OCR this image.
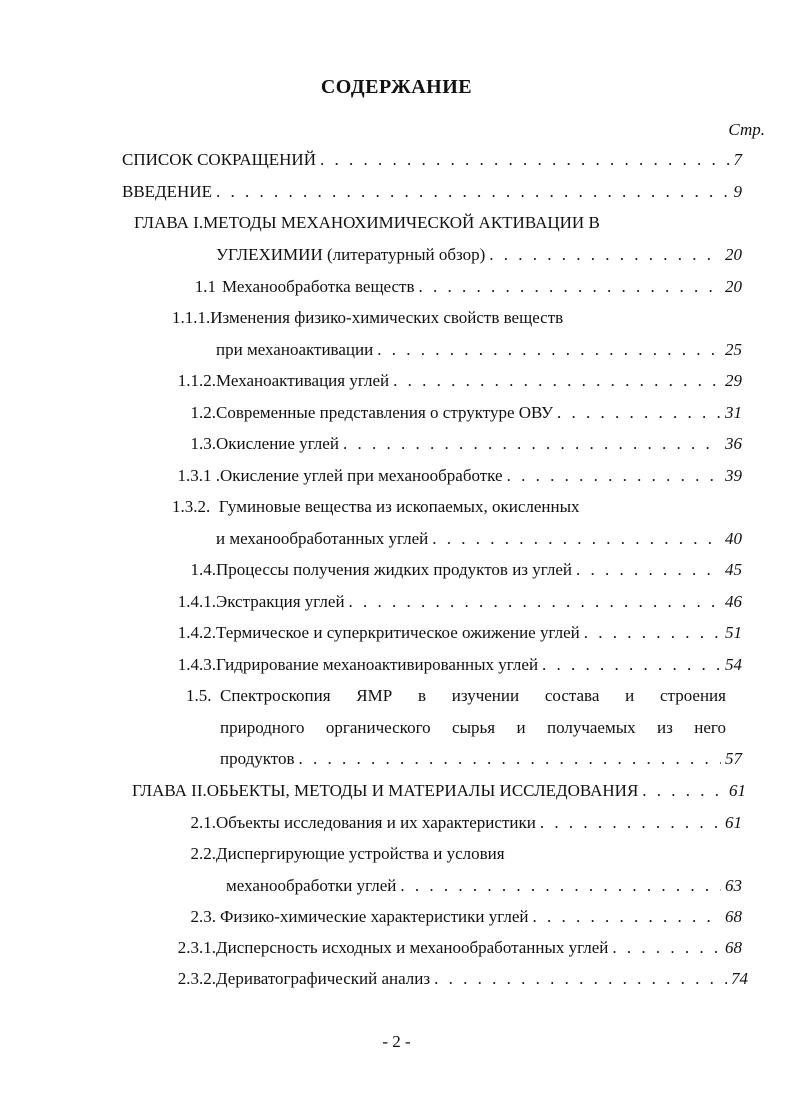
СОДЕРЖАНИЕ
Стр.
СПИСОК СОКРАЩЕНИЙ . . .	7
ВВЕДЕНИЕ . . .	9
ГЛАВА I.МЕТОДЫ МЕХАНОХИМИЧЕСКОЙ АКТИВАЦИИ В
УГЛЕХИМИИ (литературный обзор) . . .	20
1.1 Механообработка веществ . . .	20
1.1.1.Изменения физико-химических свойств веществ
при механоактивации . . .	25
1.1.2. Механоактивация углей . . .	29
1.2. Современные представления о структуре ОВУ . . .	31
1.3. Окисление углей . . .	36
1.3.1 . Окисление углей при механообработке . . .	39
1.3.2. Гуминовые вещества из ископаемых, окисленных
и механообработанных углей . . .	40
1.4. Процессы получения жидких продуктов из углей . . .	45
1.4.1. Экстракция углей . . .	46
1.4.2. Термическое и суперкритическое ожижение углей . . .	51
1.4.3. Гидрирование механоактивированных углей . . .	54
1.5. Спектроскопия ЯМР в изучении состава и строения
природного органического сырья и получаемых из него
продуктов . . .	57
ГЛАВА II. ОБЬЕКТЫ, МЕТОДЫ И МАТЕРИАЛЫ ИССЛЕДОВАНИЯ . . .	61
2.1. Объекты исследования и их характеристики . . .	61
2.2.Диспергирующие устройства и условия
механообработки углей . . .	63
2.3. Физико-химические характеристики углей . . .	68
2.3.1. Дисперсность исходных и механообработанных углей . . .	68
2.3.2. Дериватографический анализ . . .	74
- 2 -
